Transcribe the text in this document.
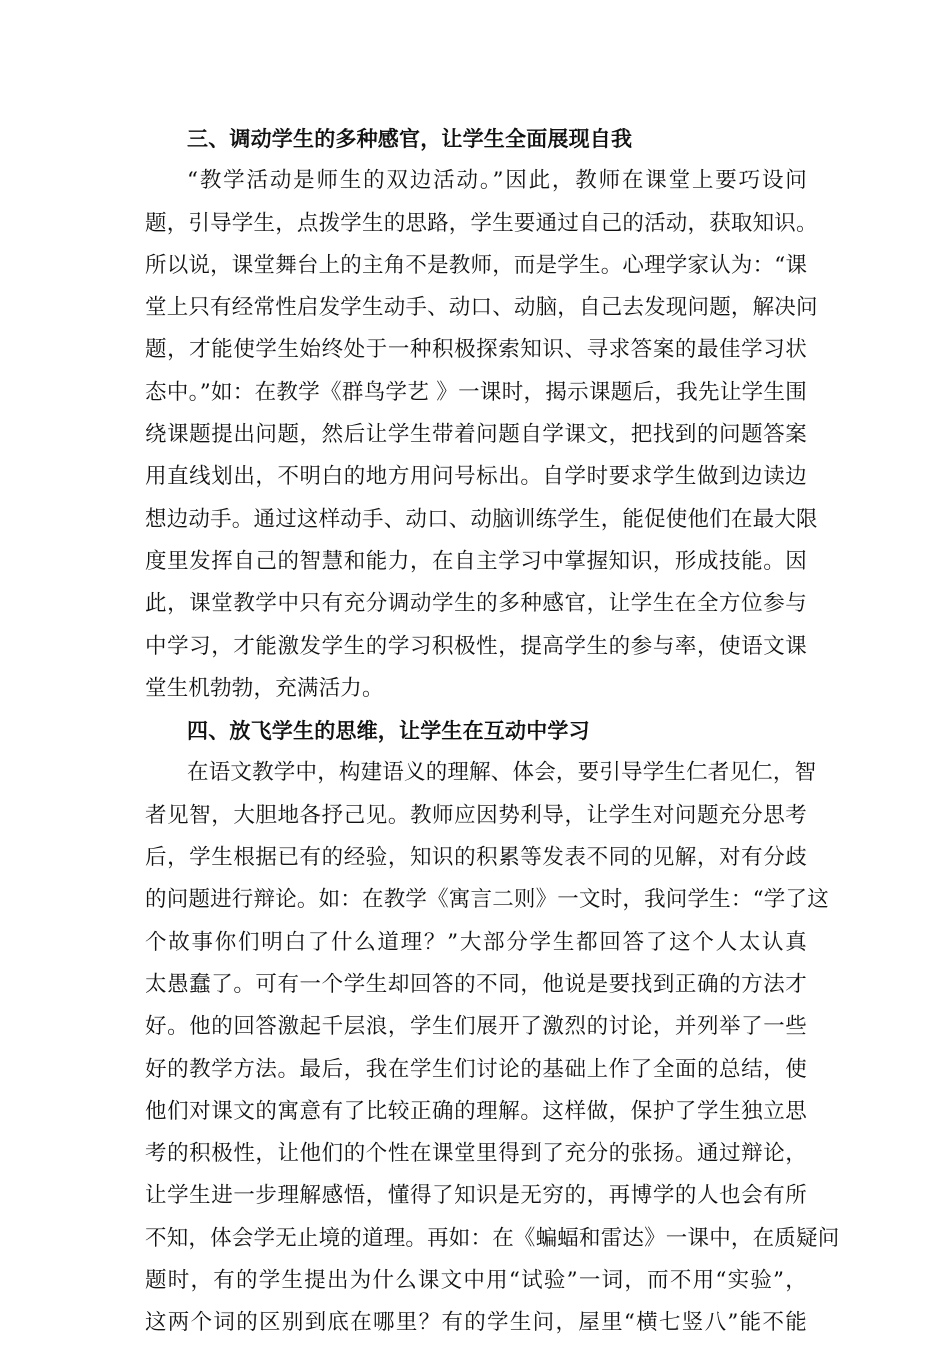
三、调动学生的多种感官，让学生全面展现自我
“教学活动是师生的双边活动。”因此，教师在课堂上要巧设问
题，引导学生，点拨学生的思路，学生要通过自己的活动，获取知识。
所以说，课堂舞台上的主角不是教师，而是学生。心理学家认为：“课
堂上只有经常性启发学生动手、动口、动脑，自己去发现问题，解决问
题，才能使学生始终处于一种积极探索知识、寻求答案的最佳学习状
态中。”如：在教学《群鸟学艺 》一课时，揭示课题后，我先让学生围
绕课题提出问题，然后让学生带着问题自学课文，把找到的问题答案
用直线划出，不明白的地方用问号标出。自学时要求学生做到边读边
想边动手。通过这样动手、动口、动脑训练学生，能促使他们在最大限
度里发挥自己的智慧和能力，在自主学习中掌握知识，形成技能。因
此，课堂教学中只有充分调动学生的多种感官，让学生在全方位参与
中学习，才能激发学生的学习积极性，提高学生的参与率，使语文课
堂生机勃勃，充满活力。
四、放飞学生的思维，让学生在互动中学习
在语文教学中，构建语义的理解、体会，要引导学生仁者见仁，智
者见智，大胆地各抒己见。教师应因势利导，让学生对问题充分思考
后，学生根据已有的经验，知识的积累等发表不同的见解，对有分歧
的问题进行辩论。如：在教学《寓言二则》一文时，我问学生：“学了这
个故事你们明白了什么道理？”大部分学生都回答了这个人太认真
太愚蠢了。可有一个学生却回答的不同，他说是要找到正确的方法才
好。他的回答激起千层浪，学生们展开了激烈的讨论，并列举了一些
好的教学方法。最后，我在学生们讨论的基础上作了全面的总结，使
他们对课文的寓意有了比较正确的理解。这样做，保护了学生独立思
考的积极性，让他们的个性在课堂里得到了充分的张扬。通过辩论，
让学生进一步理解感悟，懂得了知识是无穷的，再博学的人也会有所
不知，体会学无止境的道理。再如：在《蝙蝠和雷达》一课中，在质疑问
题时，有的学生提出为什么课文中用“试验”一词，而不用“实验”，
这两个词的区别到底在哪里？有的学生问，屋里“横七竖八”能不能
